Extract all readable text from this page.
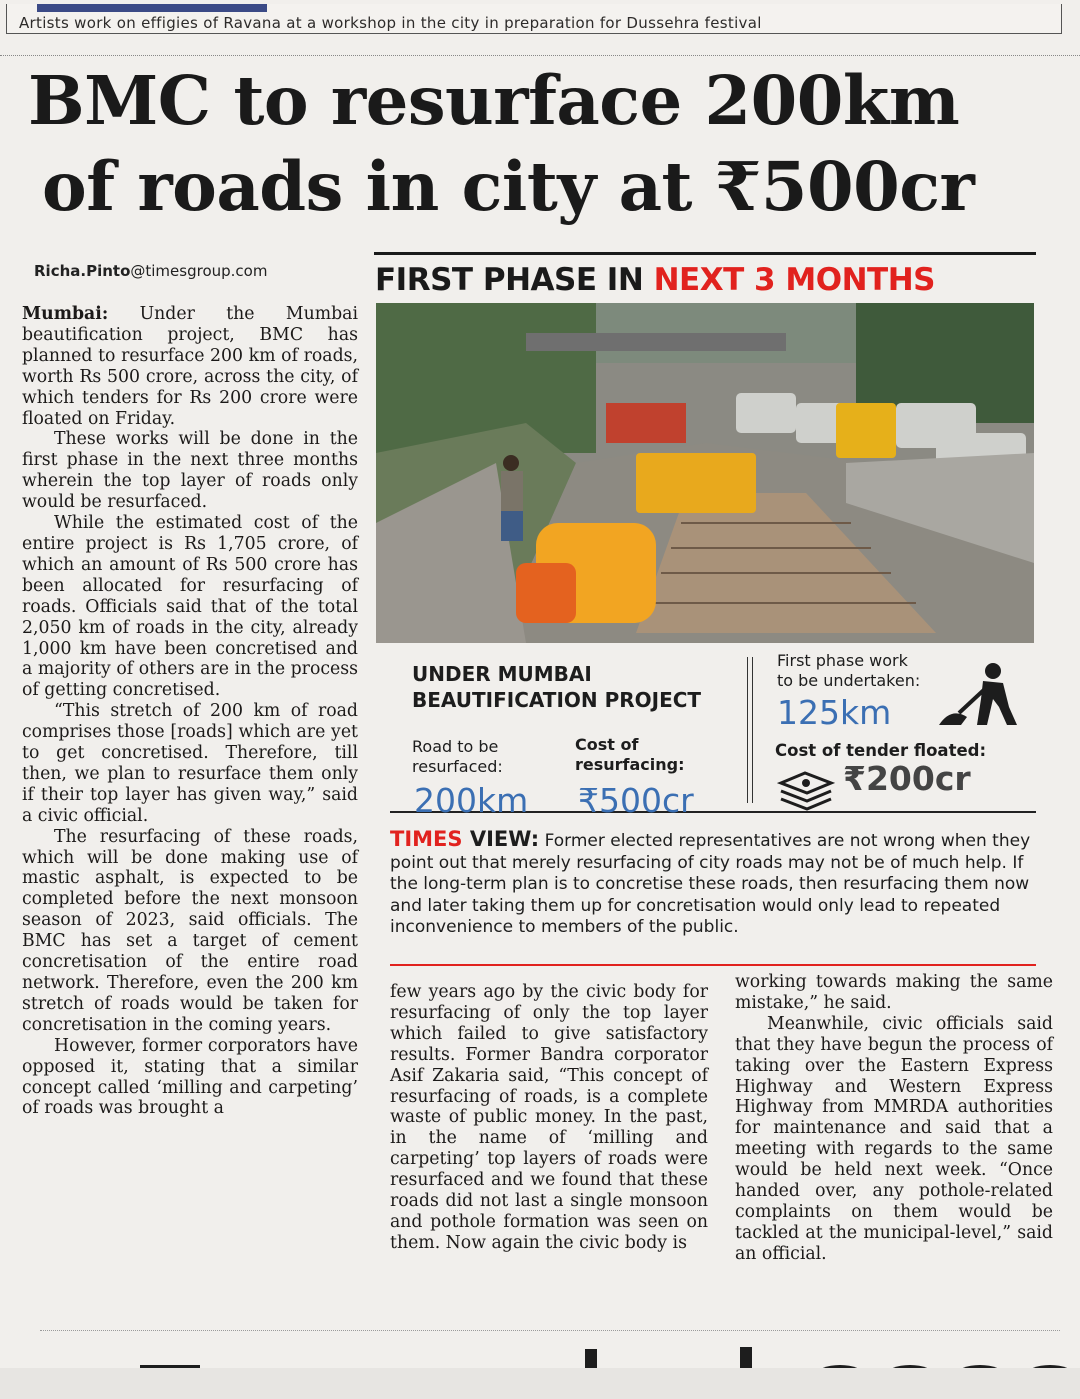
Artists work on effigies of Ravana at a workshop in the city in preparation for Dussehra festival
BMC to resurface 200km
of roads in city at ₹500cr
Richa.Pinto@timesgroup.com

Mumbai: Under the Mumbai beautification project, BMC has planned to resurface 200 km of roads, worth Rs 500 crore, across the city, of which tenders for Rs 200 crore were floated on Friday.

These works will be done in the first phase in the next three months wherein the top layer of roads only would be resurfaced.

While the estimated cost of the entire project is Rs 1,705 crore, of which an amount of Rs 500 crore has been allocated for resurfacing of roads. Officials said that of the total 2,050 km of roads in the city, already 1,000 km have been concretised and a majority of others are in the process of getting concretised.

“This stretch of 200 km of road comprises those [roads] which are yet to get concretised. Therefore, till then, we plan to resurface them only if their top layer has given way,” said a civic official.

The resurfacing of these roads, which will be done making use of mastic asphalt, is expected to be completed before the next monsoon season of 2023, said officials. The BMC has set a target of cement concretisation of the entire road network. Therefore, even the 200 km stretch of roads would be taken for concretisation in the coming years.

However, former corporators have opposed it, stating that a similar concept called ‘milling and carpeting’ of roads was brought a

FIRST PHASE IN NEXT 3 MONTHS
UNDER MUMBAI
BEAUTIFICATION PROJECT
Road to be
resurfaced:
Cost of
resurfacing:
200km ₹500cr
First phase work
to be undertaken:
125km
Cost of tender floated:
₹200cr
TIMES VIEW: Former elected representatives are not wrong when they point out that merely resurfacing of city roads may not be of much help. If the long-term plan is to concretise these roads, then resurfacing them now and later taking them up for concretisation would only lead to repeated inconvenience to members of the public.

few years ago by the civic body for resurfacing of only the top layer which failed to give satisfactory results. Former Bandra corporator Asif Zakaria said, “This concept of resurfacing of roads, is a complete waste of public money. In the past, in the name of ‘milling and carpeting’ top layers of roads were resurfaced and we found that these roads did not last a single monsoon and pothole formation was seen on them. Now again the civic body is

working towards making the same mistake,” he said.

Meanwhile, civic officials said that they have begun the process of taking over the Eastern Express Highway and Western Express Highway from MMRDA authorities for maintenance and said that a meeting with regards to the same would be held next week. “Once handed over, any pothole-related complaints on them would be tackled at the municipal-level,” said an official.
